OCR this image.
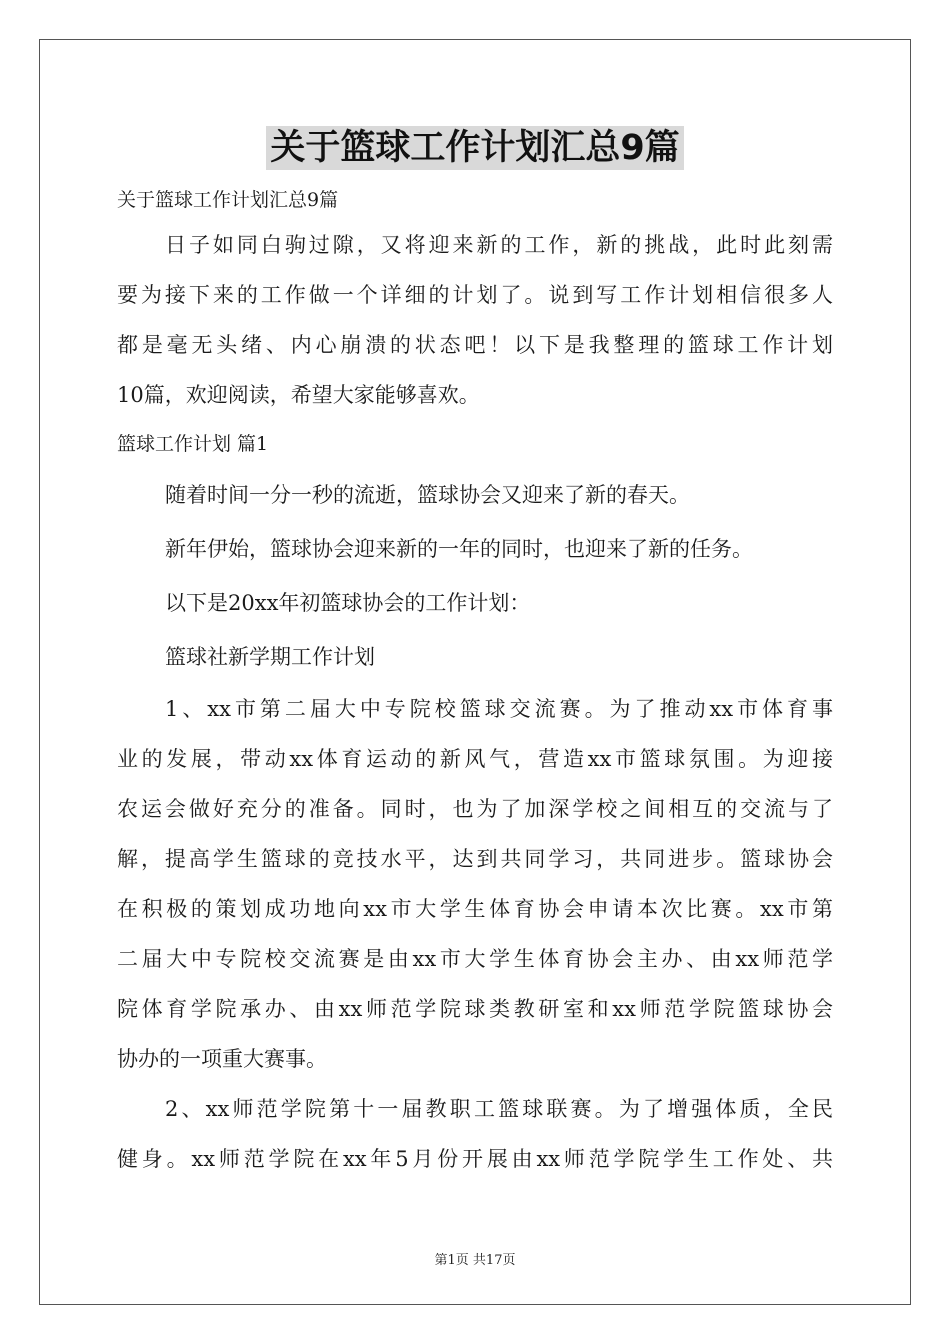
关于篮球工作计划汇总9篇
关于篮球工作计划汇总9篇
日子如同白驹过隙，又将迎来新的工作，新的挑战，此时此刻需
要为接下来的工作做一个详细的计划了。说到写工作计划相信很多人
都是毫无头绪、内心崩溃的状态吧！以下是我整理的篮球工作计划
10篇，欢迎阅读，希望大家能够喜欢。
篮球工作计划 篇1
随着时间一分一秒的流逝，篮球协会又迎来了新的春天。
新年伊始，篮球协会迎来新的一年的同时，也迎来了新的任务。
以下是20xx年初篮球协会的工作计划：
篮球社新学期工作计划
1、xx市第二届大中专院校篮球交流赛。为了推动xx市体育事
业的发展，带动xx体育运动的新风气，营造xx市篮球氛围。为迎接
农运会做好充分的准备。同时，也为了加深学校之间相互的交流与了
解，提高学生篮球的竞技水平，达到共同学习，共同进步。篮球协会
在积极的策划成功地向xx市大学生体育协会申请本次比赛。xx市第
二届大中专院校交流赛是由xx市大学生体育协会主办、由xx师范学
院体育学院承办、由xx师范学院球类教研室和xx师范学院篮球协会
协办的一项重大赛事。
2、xx师范学院第十一届教职工篮球联赛。为了增强体质，全民
健身。xx师范学院在xx年5月份开展由xx师范学院学生工作处、共
第1页 共17页
